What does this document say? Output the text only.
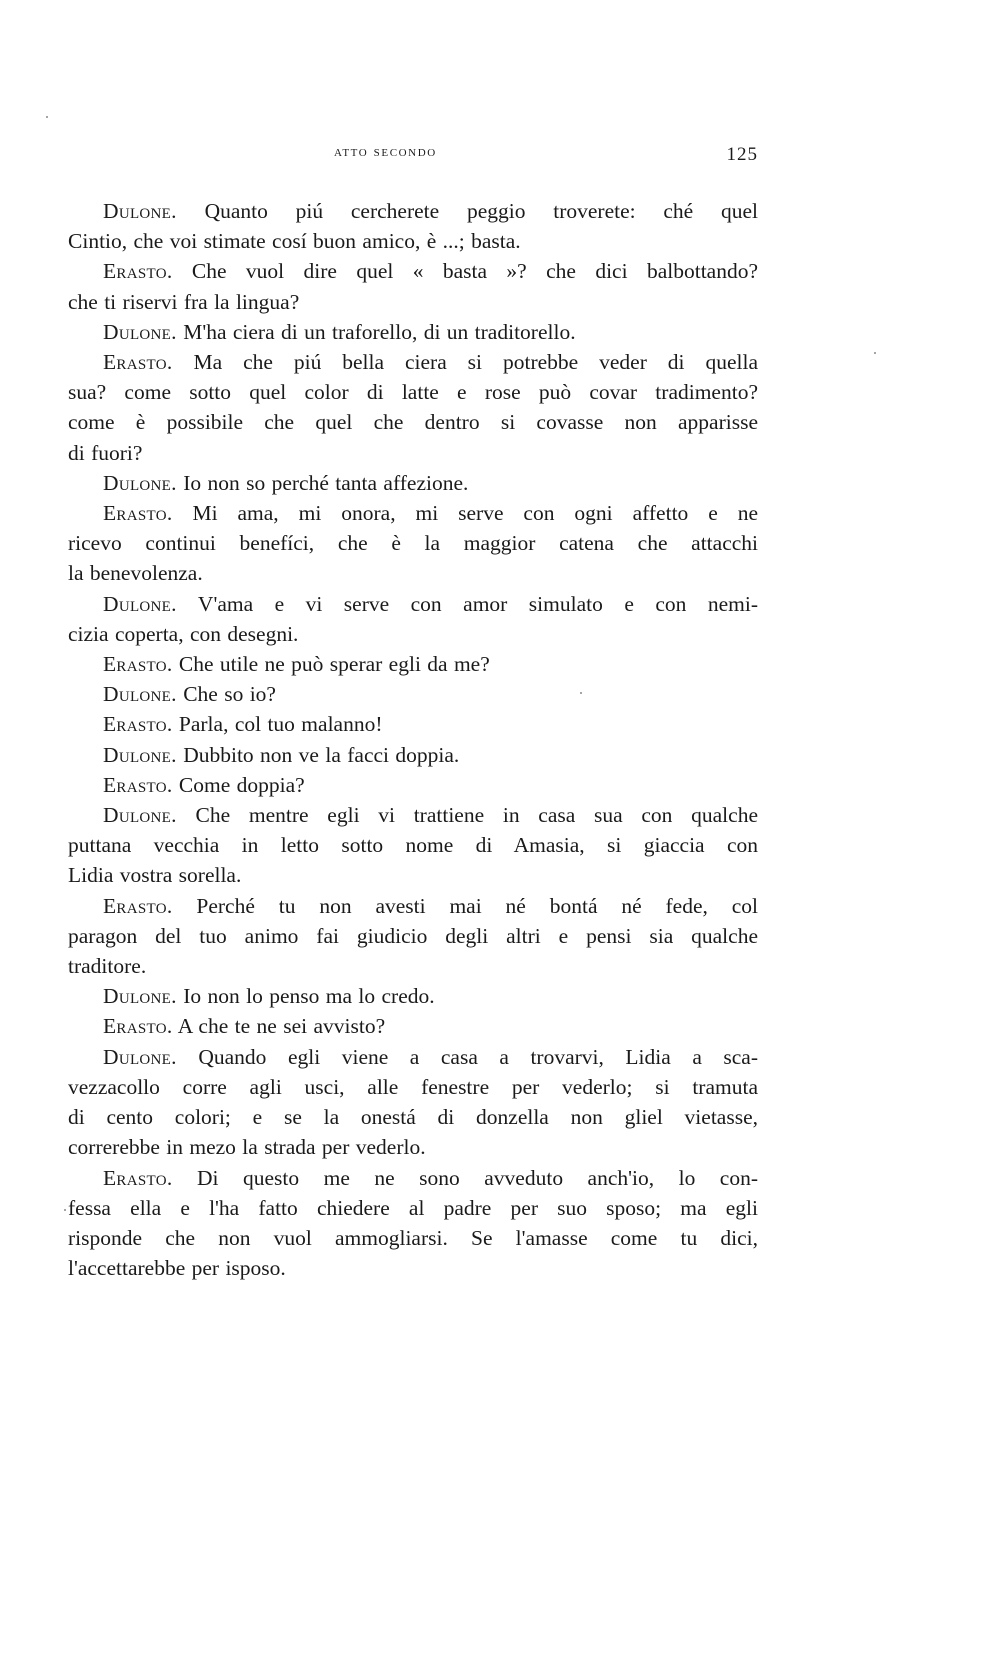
atto secondo	125

Dulone. Quanto piú cercherete peggio troverete: ché quel
Cintio, che voi stimate cosí buon amico, è ...; basta.

Erasto. Che vuol dire quel « basta »? che dici balbottando?
che ti riservi fra la lingua?

Dulone. M'ha ciera di un traforello, di un traditorello.

Erasto. Ma che piú bella ciera si potrebbe veder di quella
sua? come sotto quel color di latte e rose può covar tradimento?
come è possibile che quel che dentro si covasse non apparisse
di fuori?

Dulone. Io non so perché tanta affezione.

Erasto. Mi ama, mi onora, mi serve con ogni affetto e ne
ricevo continui benefíci, che è la maggior catena che attacchi
la benevolenza.

Dulone. V'ama e vi serve con amor simulato e con nemi-
cizia coperta, con desegni.

Erasto. Che utile ne può sperar egli da me?

Dulone. Che so io?

Erasto. Parla, col tuo malanno!

Dulone. Dubbito non ve la facci doppia.

Erasto. Come doppia?

Dulone. Che mentre egli vi trattiene in casa sua con qualche
puttana vecchia in letto sotto nome di Amasia, si giaccia con
Lidia vostra sorella.

Erasto. Perché tu non avesti mai né bontá né fede, col
paragon del tuo animo fai giudicio degli altri e pensi sia qualche
traditore.

Dulone. Io non lo penso ma lo credo.

Erasto. A che te ne sei avvisto?

Dulone. Quando egli viene a casa a trovarvi, Lidia a sca-
vezzacollo corre agli usci, alle fenestre per vederlo; si tramuta
di cento colori; e se la onestá di donzella non gliel vietasse,
correrebbe in mezo la strada per vederlo.

Erasto. Di questo me ne sono avveduto anch'io, lo con-
fessa ella e l'ha fatto chiedere al padre per suo sposo; ma egli
risponde che non vuol ammogliarsi. Se l'amasse come tu dici,
l'accettarebbe per isposo.
